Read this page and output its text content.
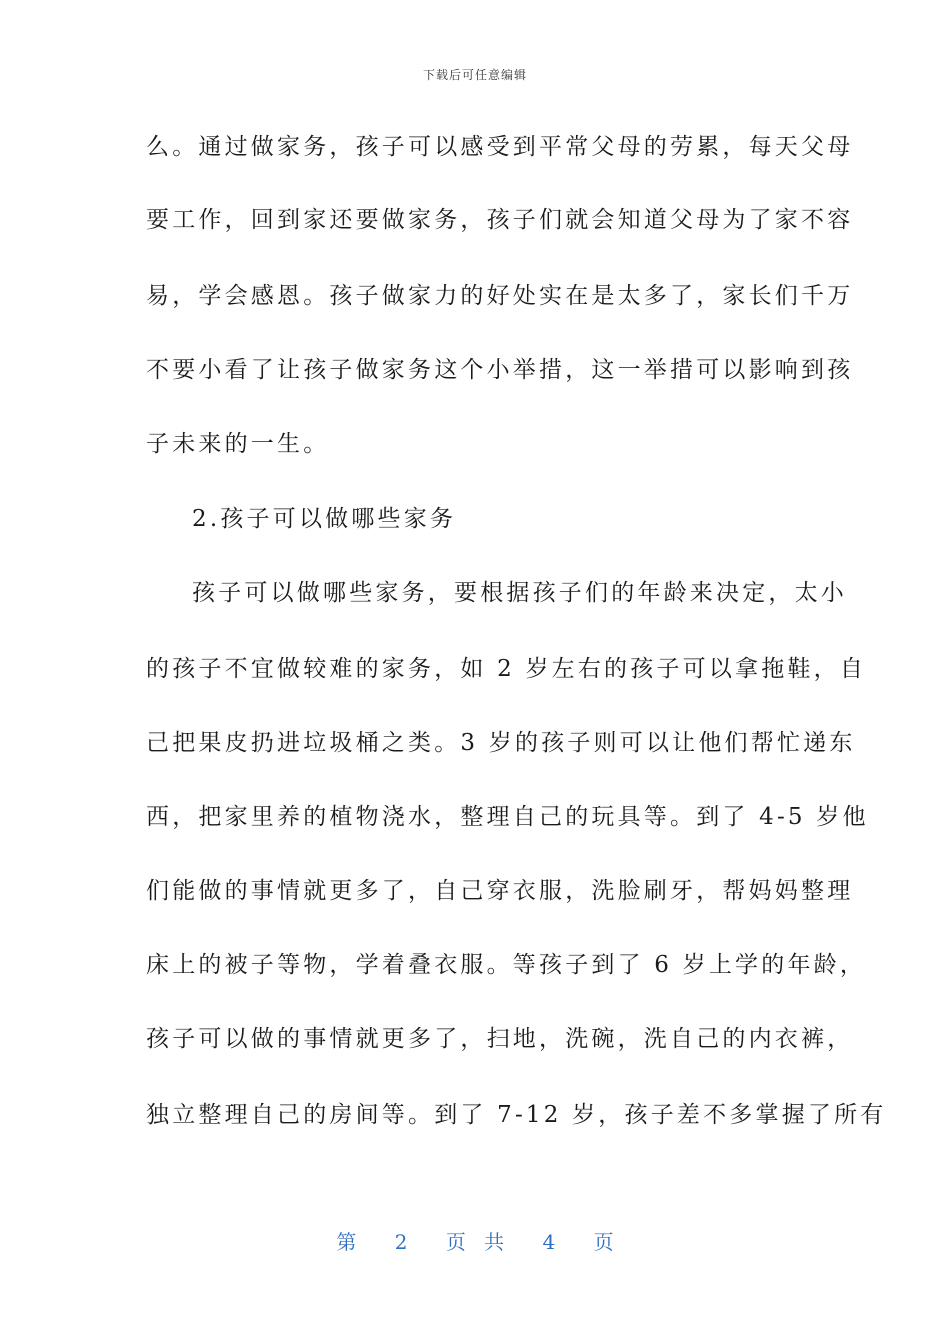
下载后可任意编辑
么。通过做家务，孩子可以感受到平常父母的劳累，每天父母
要工作，回到家还要做家务，孩子们就会知道父母为了家不容
易，学会感恩。孩子做家力的好处实在是太多了，家长们千万
不要小看了让孩子做家务这个小举措，这一举措可以影响到孩
子未来的一生。
2.孩子可以做哪些家务
孩子可以做哪些家务，要根据孩子们的年龄来决定，太小
的孩子不宜做较难的家务，如 2 岁左右的孩子可以拿拖鞋，自
己把果皮扔进垃圾桶之类。3 岁的孩子则可以让他们帮忙递东
西，把家里养的植物浇水，整理自己的玩具等。到了 4-5 岁他
们能做的事情就更多了，自己穿衣服，洗脸刷牙，帮妈妈整理
床上的被子等物，学着叠衣服。等孩子到了 6 岁上学的年龄，
孩子可以做的事情就更多了，扫地，洗碗，洗自己的内衣裤，
独立整理自己的房间等。到了 7-12 岁，孩子差不多掌握了所有
第 2 页 共 4 页
